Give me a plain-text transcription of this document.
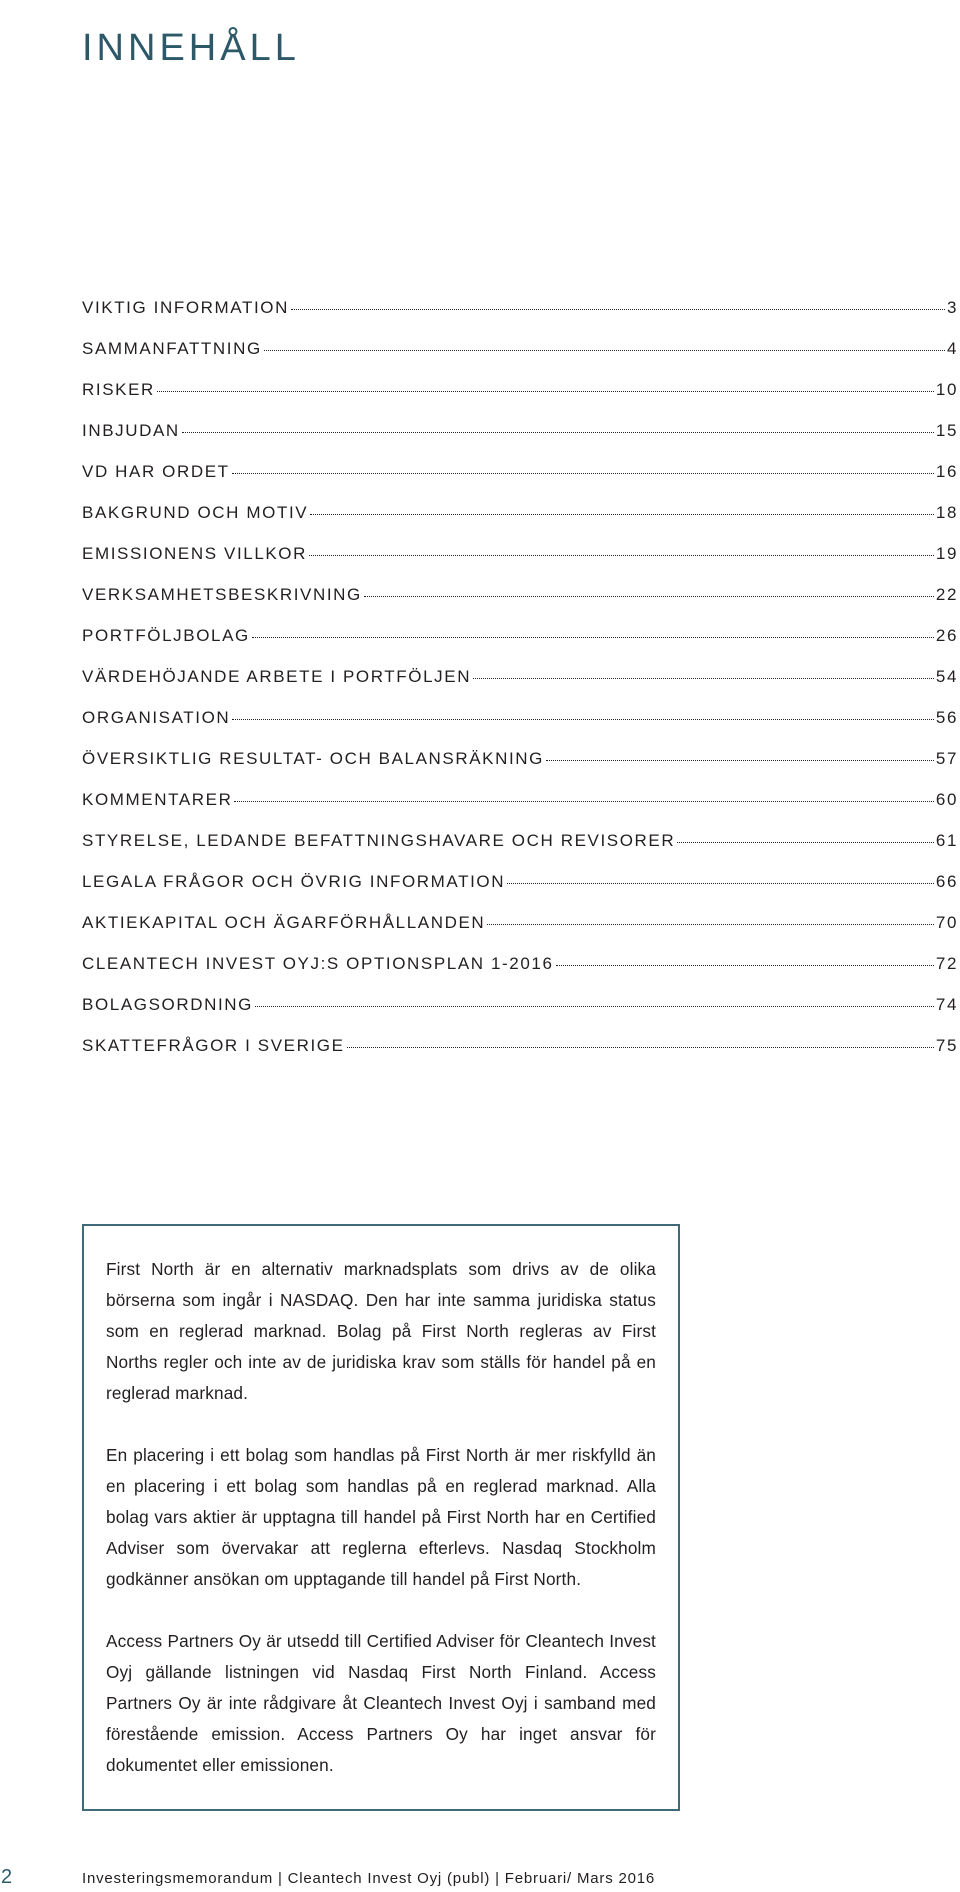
INNEHÅLL
VIKTIG INFORMATION	3
SAMMANFATTNING	4
RISKER	10
INBJUDAN	15
VD HAR ORDET	16
BAKGRUND OCH MOTIV	18
EMISSIONENS VILLKOR	19
VERKSAMHETSBESKRIVNING	22
PORTFÖLJBOLAG	26
VÄRDEHÖJANDE ARBETE I PORTFÖLJEN	54
ORGANISATION	56
ÖVERSIKTLIG RESULTAT- OCH BALANSRÄKNING	57
KOMMENTARER	60
STYRELSE, LEDANDE BEFATTNINGSHAVARE OCH REVISORER	61
LEGALA FRÅGOR OCH ÖVRIG INFORMATION	66
AKTIEKAPITAL OCH ÄGARFÖRHÅLLANDEN	70
CLEANTECH INVEST OYJ:S OPTIONSPLAN 1-2016	72
BOLAGSORDNING	74
SKATTEFRÅGOR I SVERIGE	75

First North är en alternativ marknadsplats som drivs av de olika börserna som ingår i NASDAQ. Den har inte samma juridiska status som en reglerad marknad. Bolag på First North regleras av First Norths regler och inte av de juridiska krav som ställs för handel på en reglerad marknad.

En placering i ett bolag som handlas på First North är mer riskfylld än en placering i ett bolag som handlas på en reglerad marknad. Alla bolag vars aktier är upptagna till handel på First North har en Certified Adviser som övervakar att reglerna efterlevs. Nasdaq Stockholm godkänner ansökan om upptagande till handel på First North.

Access Partners Oy är utsedd till Certified Adviser för Cleantech Invest Oyj gällande listningen vid Nasdaq First North Finland. Access Partners Oy är inte rådgivare åt Cleantech Invest Oyj i samband med förestående emission. Access Partners Oy har inget ansvar för dokumentet eller emissionen.

2	Investeringsmemorandum | Cleantech Invest Oyj (publ) | Februari/ Mars 2016
